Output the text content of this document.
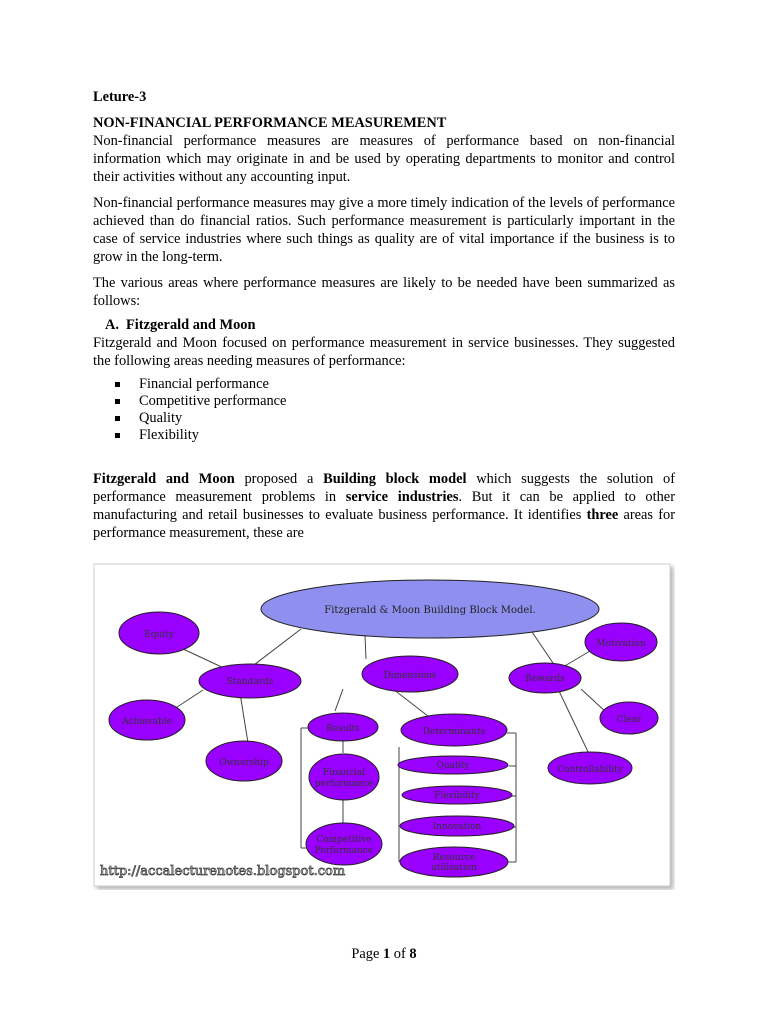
Leture-3
NON-FINANCIAL PERFORMANCE MEASUREMENT

Non-financial performance measures are measures of performance based on non-financial information which may originate in and be used by operating departments to monitor and control their activities without any accounting input.

Non-financial performance measures may give a more timely indication of the levels of performance achieved than do financial ratios. Such performance measurement is particularly important in the case of service industries where such things as quality are of vital importance if the business is to grow in the long-term.

The various areas where performance measures are likely to be needed have been summarized as follows:

A. Fitzgerald and Moon

Fitzgerald and Moon focused on performance measurement in service businesses. They suggested the following areas needing measures of performance:

Financial performance
Competitive performance
Quality
Flexibility

Fitzgerald and Moon proposed a Building block model which suggests the solution of performance measurement problems in service industries. But it can be applied to other manufacturing and retail businesses to evaluate business performance. It identifies three areas for performance measurement, these are

Fitzgerald & Moon Building Block Model.
Standards
Dimensions	Rewards
Equity
Achievable
Ownership
Motivation
Clear
Controllability
Results	Determinants
Financial
performance
Competitive
Performance
Quality
Flexibility
Innovation
Resource
utilisation
http://accalecturenotes.blogspot.com
Page 1 of 8
